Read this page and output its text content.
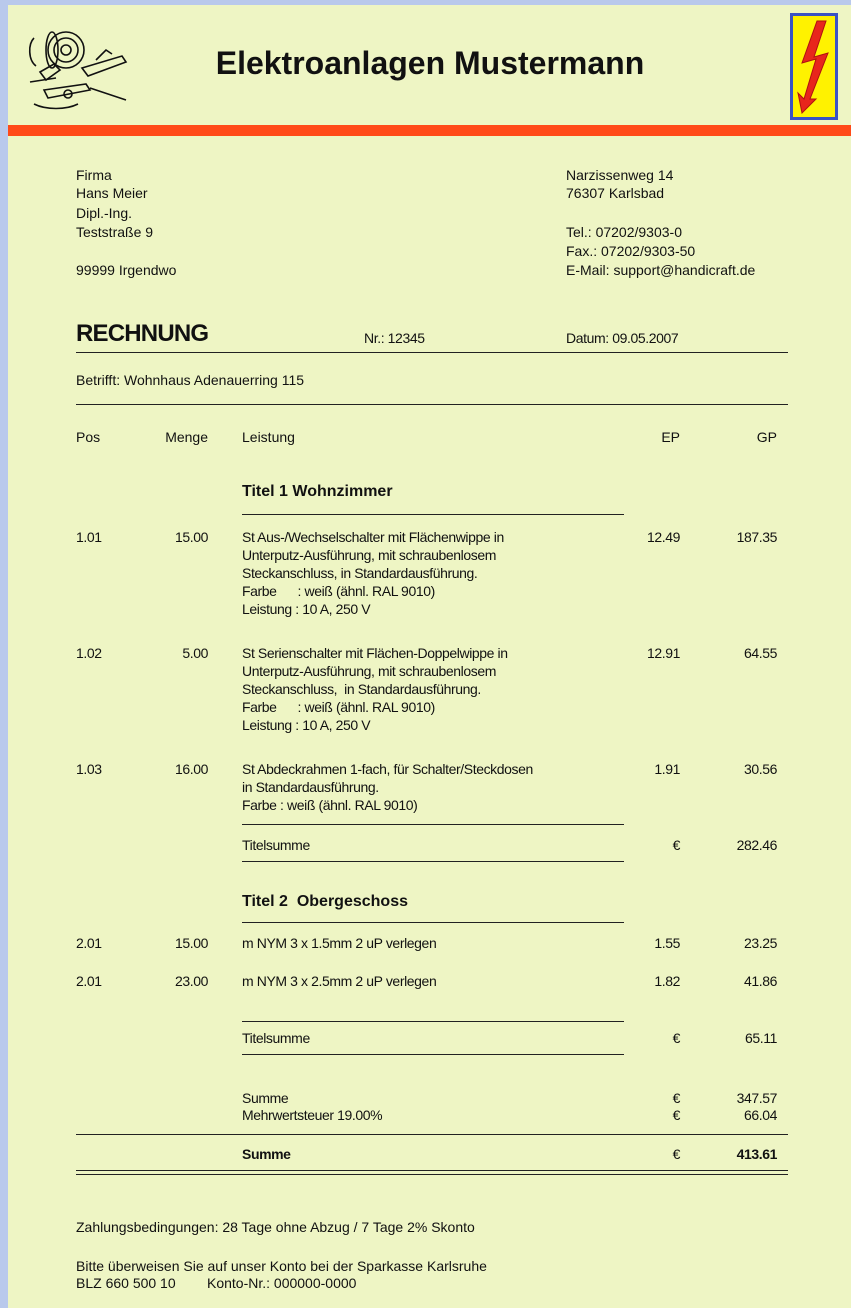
Elektroanlagen Mustermann
Firma
Hans Meier
Dipl.-Ing.
Teststraße 9
99999 Irgendwo
Narzissenweg 14
76307 Karlsbad
Tel.: 07202/9303-0
Fax.: 07202/9303-50
E-Mail: support@handicraft.de
RECHNUNG	Nr.: 12345	Datum: 09.05.2007
Betrifft: Wohnhaus Adenauerring 115
Pos	Menge Leistung	EP	GP
Titel 1 Wohnzimmer
1.01	15.00 St Aus-/Wechselschalter mit Flächenwippe in
Unterputz-Ausführung, mit schraubenlosem
Steckanschluss, in Standardausführung.
Farbe      : weiß (ähnl. RAL 9010)
Leistung : 10 A, 250 V
12.49	187.35
1.02	5.00 St Serienschalter mit Flächen-Doppelwippe in
Unterputz-Ausführung, mit schraubenlosem
Steckanschluss,  in Standardausführung.
Farbe      : weiß (ähnl. RAL 9010)
Leistung : 10 A, 250 V
12.91	64.55
1.03	16.00 St Abdeckrahmen 1-fach, für Schalter/Steckdosen
in Standardausführung.
Farbe : weiß (ähnl. RAL 9010)
1.91	30.56
Titelsumme	€	282.46
Titel 2  Obergeschoss
2.01	15.00 m NYM 3 x 1.5mm 2 uP verlegen	1.55	23.25
2.01	23.00 m NYM 3 x 2.5mm 2 uP verlegen	1.82	41.86
Titelsumme	€	65.11
Summe	€	347.57
Mehrwertsteuer 19.00%	€	66.04
Summe	€	413.61
Zahlungsbedingungen: 28 Tage ohne Abzug / 7 Tage 2% Skonto
Bitte überweisen Sie auf unser Konto bei der Sparkasse Karlsruhe
BLZ 660 500 10 Konto-Nr.: 000000-0000
